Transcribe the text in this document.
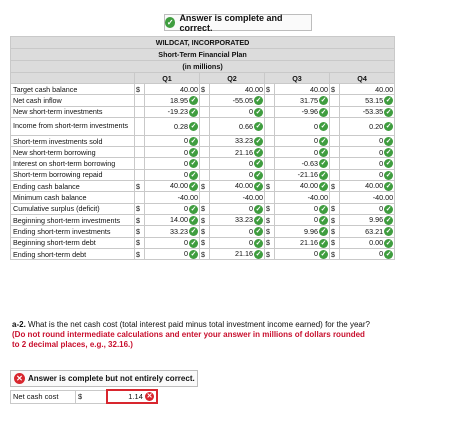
✓ Answer is complete and correct.
WILDCAT, INCORPORATED								
Short-Term Financial Plan								
(in millions)								
	Q1		Q2		Q3		Q4	
Target cash balance	$	40.00	$	40.00	$	40.00	$	40.00
Net cash inflow		18.95 ✓		-55.05 ✓		31.75 ✓		53.15 ✓
New short-term investments		-19.23 ✓		0 ✓		-9.96 ✓		-53.35 ✓
Income from short-term investments		0.28 ✓		0.66 ✓		0 ✓		0.20 ✓
Short-term investments sold		0 ✓		33.23 ✓		0 ✓		0 ✓
New short-term borrowing		0 ✓		21.16 ✓		0 ✓		0 ✓
Interest on short-term borrowing		0 ✓		0 ✓		-0.63 ✓		0 ✓
Short-term borrowing repaid		0 ✓		0 ✓		-21.16 ✓		0 ✓
Ending cash balance	$	40.00 ✓	$	40.00 ✓	$	40.00 ✓	$	40.00 ✓
Minimum cash balance		-40.00		-40.00		-40.00		-40.00
Cumulative surplus (deficit)	$	0 ✓	$	0 ✓	$	0 ✓	$	0 ✓
Beginning short-term investments	$	14.00 ✓	$	33.23 ✓	$	0 ✓	$	9.96 ✓
Ending short-term investments	$	33.23 ✓	$	0 ✓	$	9.96 ✓	$	63.21 ✓
Beginning short-term debt	$	0 ✓	$	0 ✓	$	21.16 ✓	$	0.00 ✓
Ending short-term debt	$	0 ✓	$	21.16 ✓	$	0 ✓	$	0 ✓
a-2. What is the net cash cost (total interest paid minus total investment income earned) for the year? (Do not round intermediate calculations and enter your answer in millions of dollars rounded to 2 decimal places, e.g., 32.16.)
✕ Answer is complete but not entirely correct.
Net cash cost	$	1.14 ✕
